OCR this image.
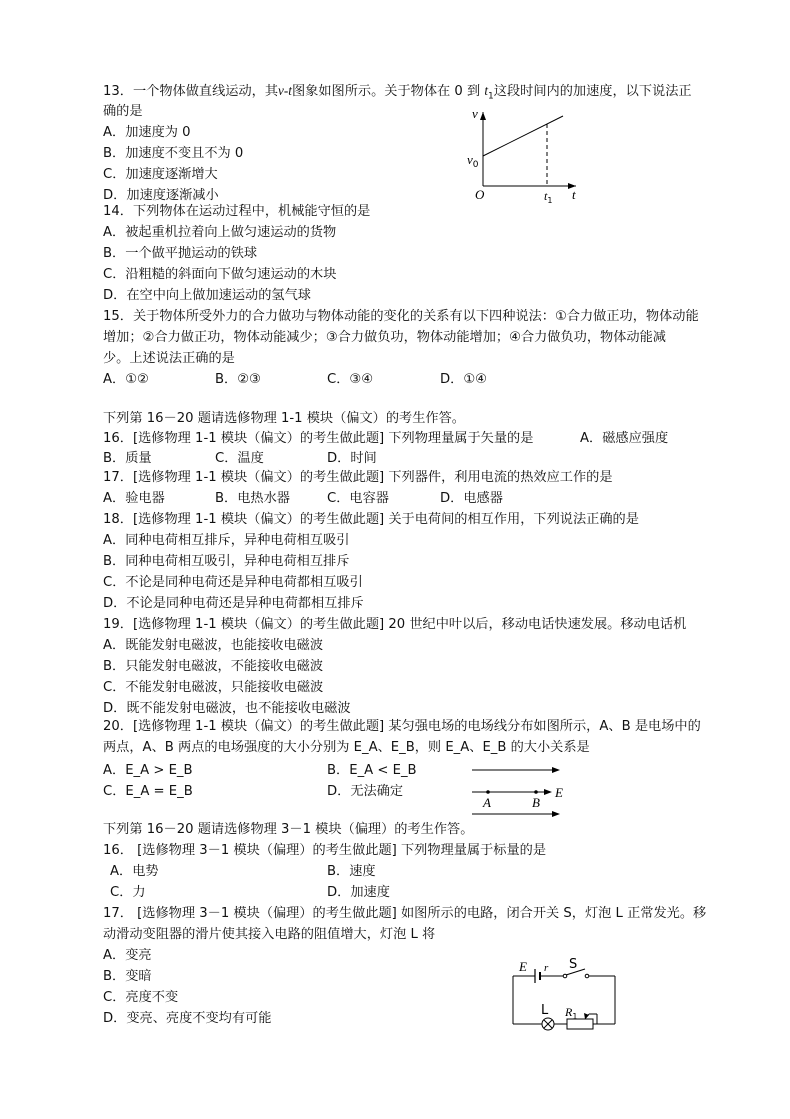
13．一个物体做直线运动，其v-t图象如图所示。关于物体在 0 到 $t_1$这段时间内的加速度，以下说法正
确的是
A．加速度为 0
B．加速度不变且不为 0
C．加速度逐渐增大
D．加速度逐渐减小
v
$v_0$
O	t
$t_1$
14．下列物体在运动过程中，机械能守恒的是
A．被起重机拉着向上做匀速运动的货物
B．一个做平抛运动的铁球
C．沿粗糙的斜面向下做匀速运动的木块
D．在空中向上做加速运动的氢气球
15．关于物体所受外力的合力做功与物体动能的变化的关系有以下四种说法：①合力做正功，物体动能
增加；②合力做正功，物体动能减少；③合力做负功，物体动能增加；④合力做负功，物体动能减
少。上述说法正确的是
A．①②	B．②③	C．③④	D．①④
下列第 16－20 题请选修物理 1-1 模块（偏文）的考生作答。
16．[选修物理 1-1 模块（偏文）的考生做此题] 下列物理量属于矢量的是	A．磁感应强度
B．质量	C．温度	D．时间
17．[选修物理 1-1 模块（偏文）的考生做此题] 下列器件，利用电流的热效应工作的是
A．验电器	B．电热水器	C．电容器	D．电感器
18．[选修物理 1-1 模块（偏文）的考生做此题] 关于电荷间的相互作用，下列说法正确的是
A．同种电荷相互排斥，异种电荷相互吸引
B．同种电荷相互吸引，异种电荷相互排斥
C．不论是同种电荷还是异种电荷都相互吸引
D．不论是同种电荷还是异种电荷都相互排斥
19．[选修物理 1-1 模块（偏文）的考生做此题] 20 世纪中叶以后，移动电话快速发展。移动电话机
A．既能发射电磁波，也能接收电磁波
B．只能发射电磁波，不能接收电磁波
C．不能发射电磁波，只能接收电磁波
D．既不能发射电磁波，也不能接收电磁波
20．[选修物理 1-1 模块（偏文）的考生做此题] 某匀强电场的电场线分布如图所示，A、B 是电场中的
两点，A、B 两点的电场强度的大小分别为 E_A、E_B，则 E_A、E_B 的大小关系是
A．E_A > E_B	B．E_A < E_B
C．E_A = E_B	D．无法确定
A	B
E
下列第 16－20 题请选修物理 3－1 模块（偏理）的考生作答。
16． [选修物理 3－1 模块（偏理）的考生做此题] 下列物理量属于标量的是
A．电势	B．速度
C．力	D．加速度
17． [选修物理 3－1 模块（偏理）的考生做此题] 如图所示的电路，闭合开关 S，灯泡 L 正常发光。移
动滑动变阻器的滑片使其接入电路的阻值增大，灯泡 L 将
A．变亮
B．变暗
C．亮度不变
D．变亮、亮度不变均有可能
E r S
L $R_1$
